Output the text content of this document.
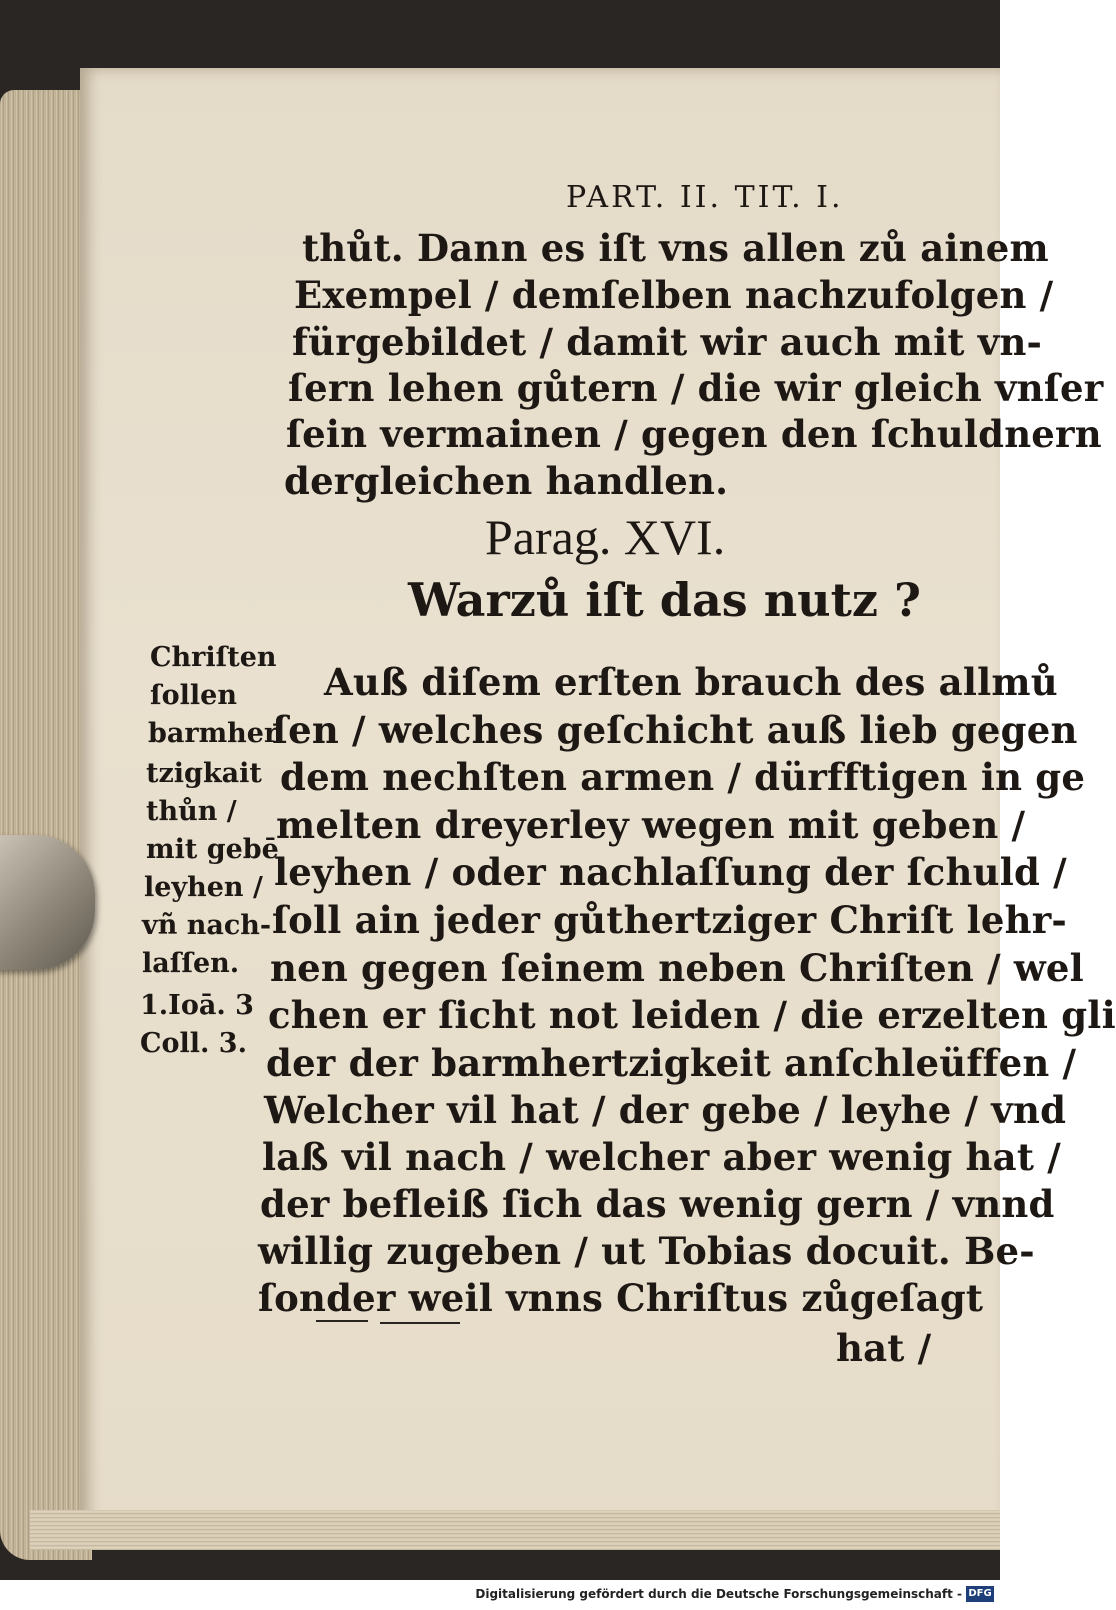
PART. II. TIT. I.
thůt. Dann es iſt vns allen zů ainem
Exempel / demſelben nachzufolgen /
fürgebildet / damit wir auch mit vn-
ſern lehen gůtern / die wir gleich vnſer
ſein vermainen / gegen den ſchuldnern
dergleichen handlen.
Parag. XVI.
Warzů iſt das nutz ?
Chriſten
ſollen
barmher
tzigkait
thůn /
mit gebē
leyhen /
vñ nach-
laſſen.
1.Ioā. 3
Coll. 3.
Auß diſem erſten brauch des allmů
ſen / welches geſchicht auß lieb gegen
dem nechſten armen / dürfftigen in ge
melten dreyerley wegen mit geben /
leyhen / oder nachlaſſung der ſchuld /
ſoll ain jeder gůthertziger Chriſt lehr-
nen gegen ſeinem neben Chriſten / wel
chen er ſicht not leiden / die erzelten gli
der der barmhertzigkeit anſchleüffen /
Welcher vil hat / der gebe / leyhe / vnd
laß vil nach / welcher aber wenig hat /
der befleiß ſich das wenig gern / vnnd
willig zugeben / ut Tobias docuit. Be-
ſonder weil vnns Chriſtus zůgeſagt
hat /
Digitalisierung gefördert durch die Deutsche Forschungsgemeinschaft - DFG
